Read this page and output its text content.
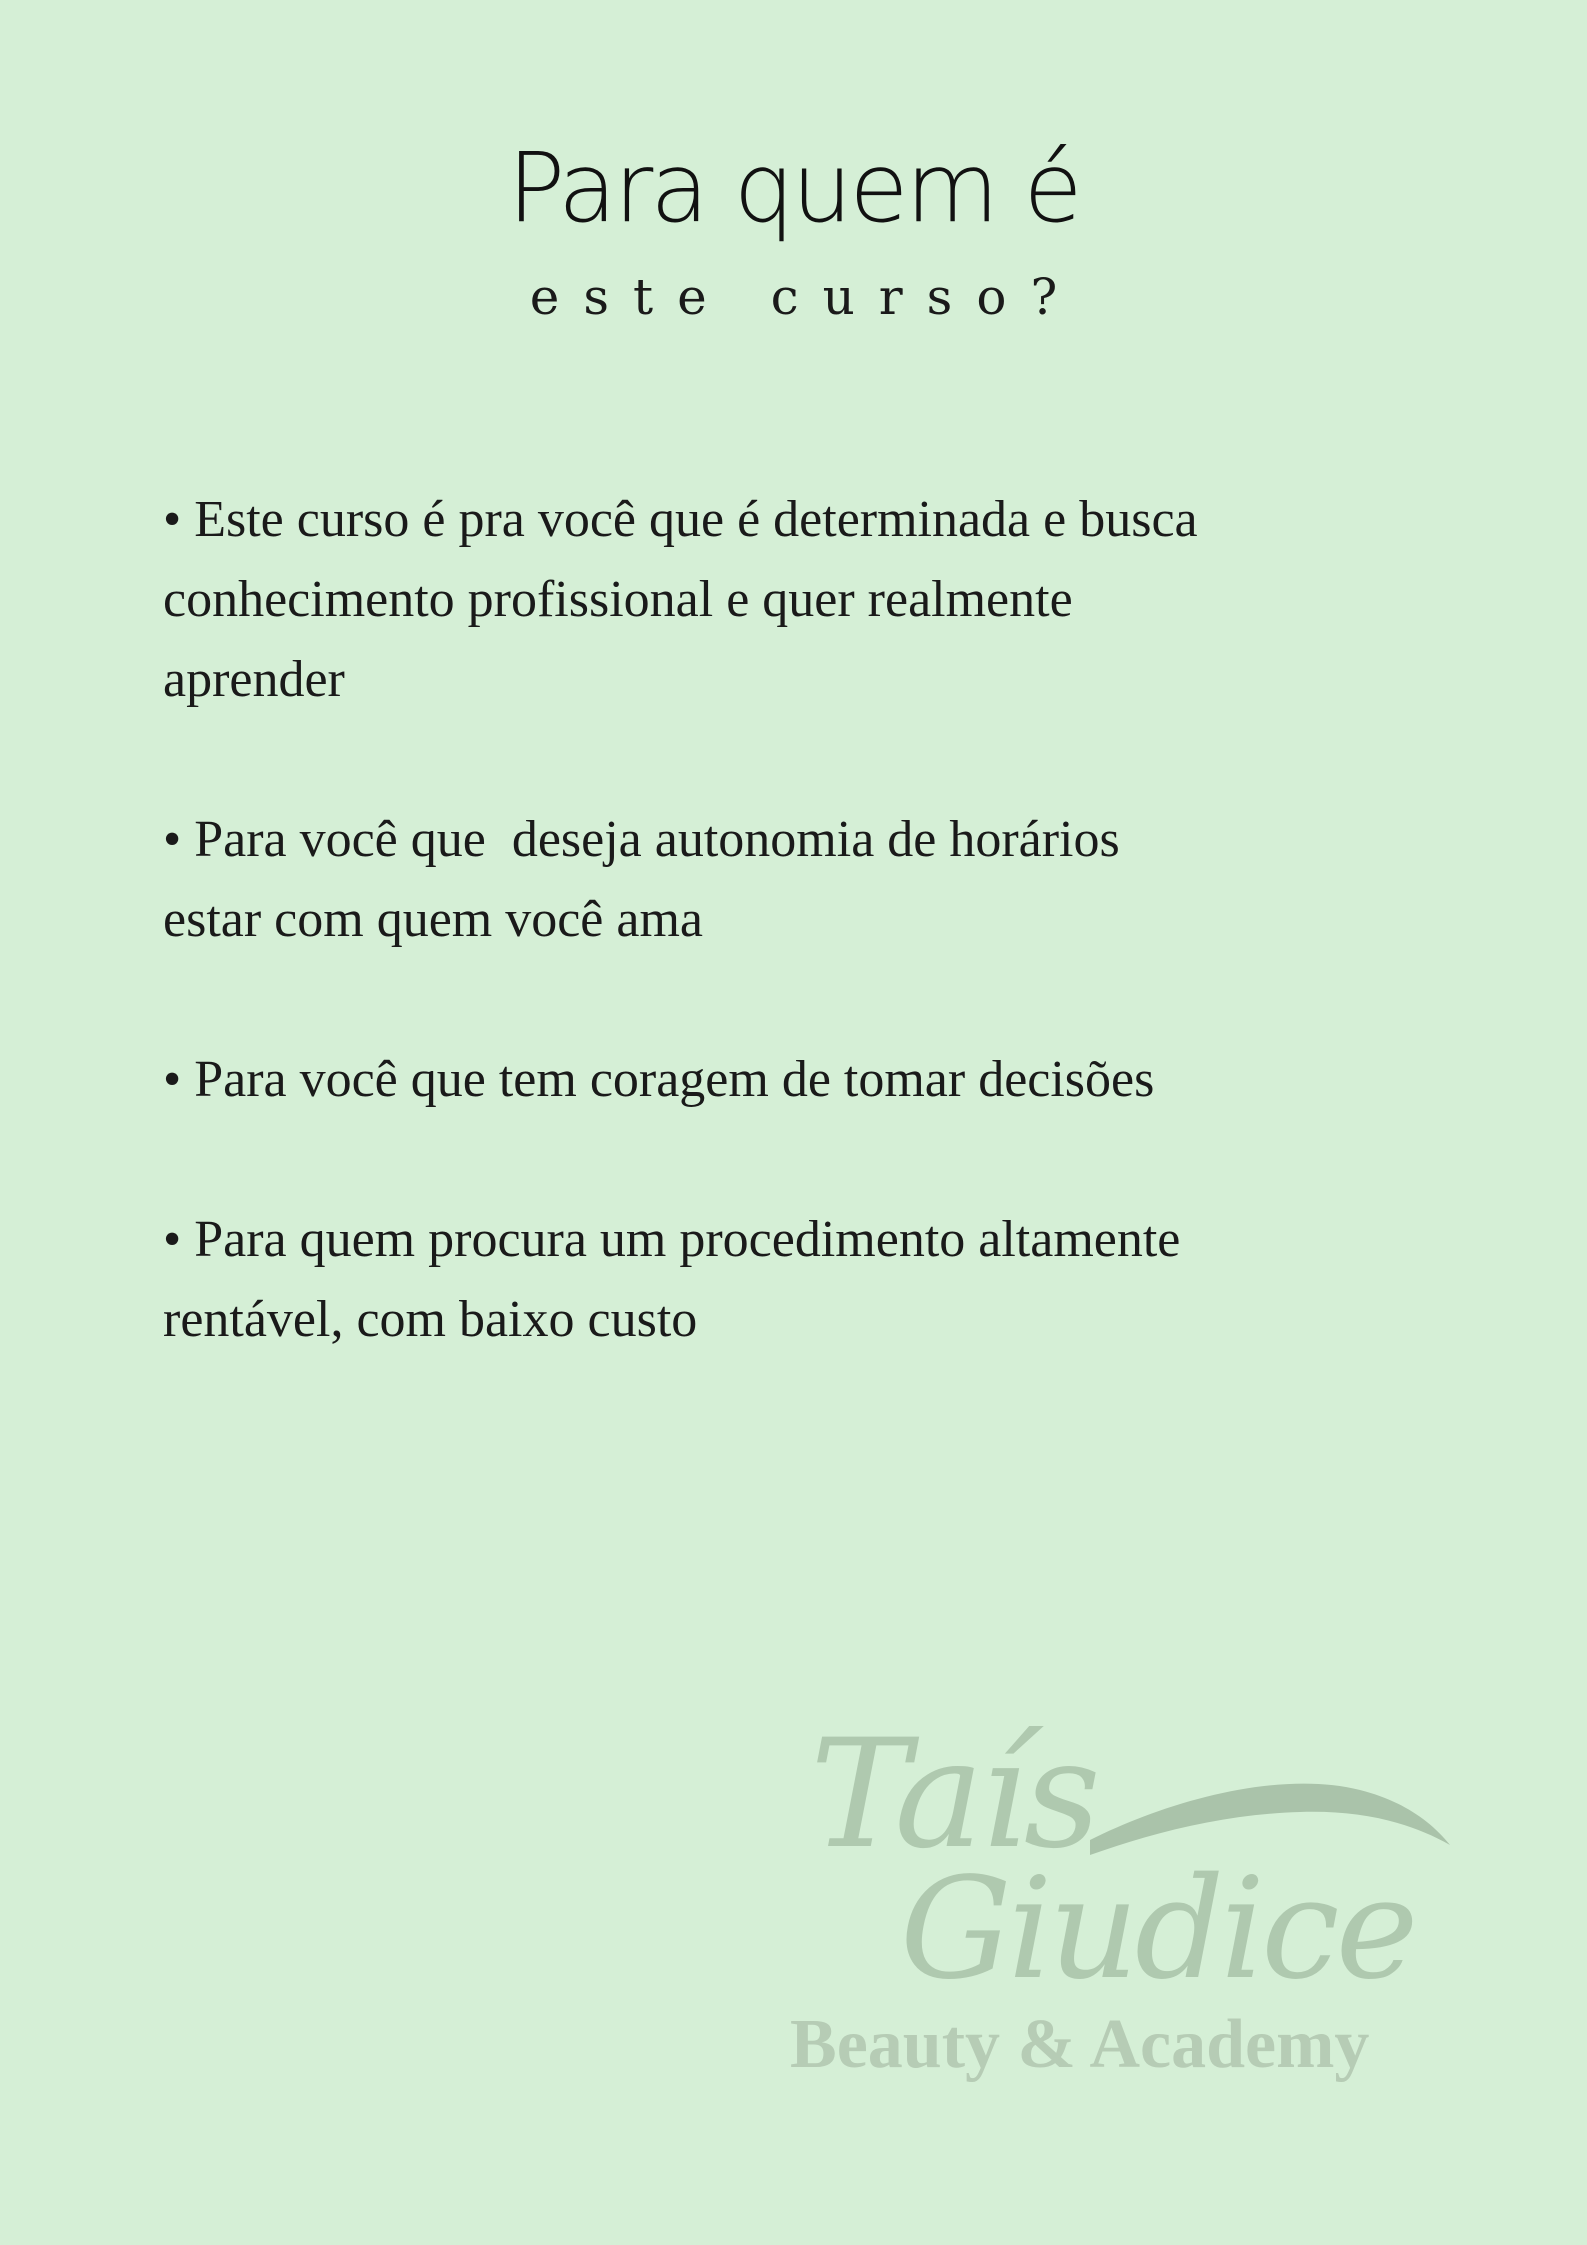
Para quem é
este curso?

• Este curso é pra você que é determinada e busca
conhecimento profissional e quer realmente
aprender

• Para você que  deseja autonomia de horários
estar com quem você ama

• Para você que tem coragem de tomar decisões

• Para quem procura um procedimento altamente
rentável, com baixo custo

Taís
Giudice
Beauty & Academy
